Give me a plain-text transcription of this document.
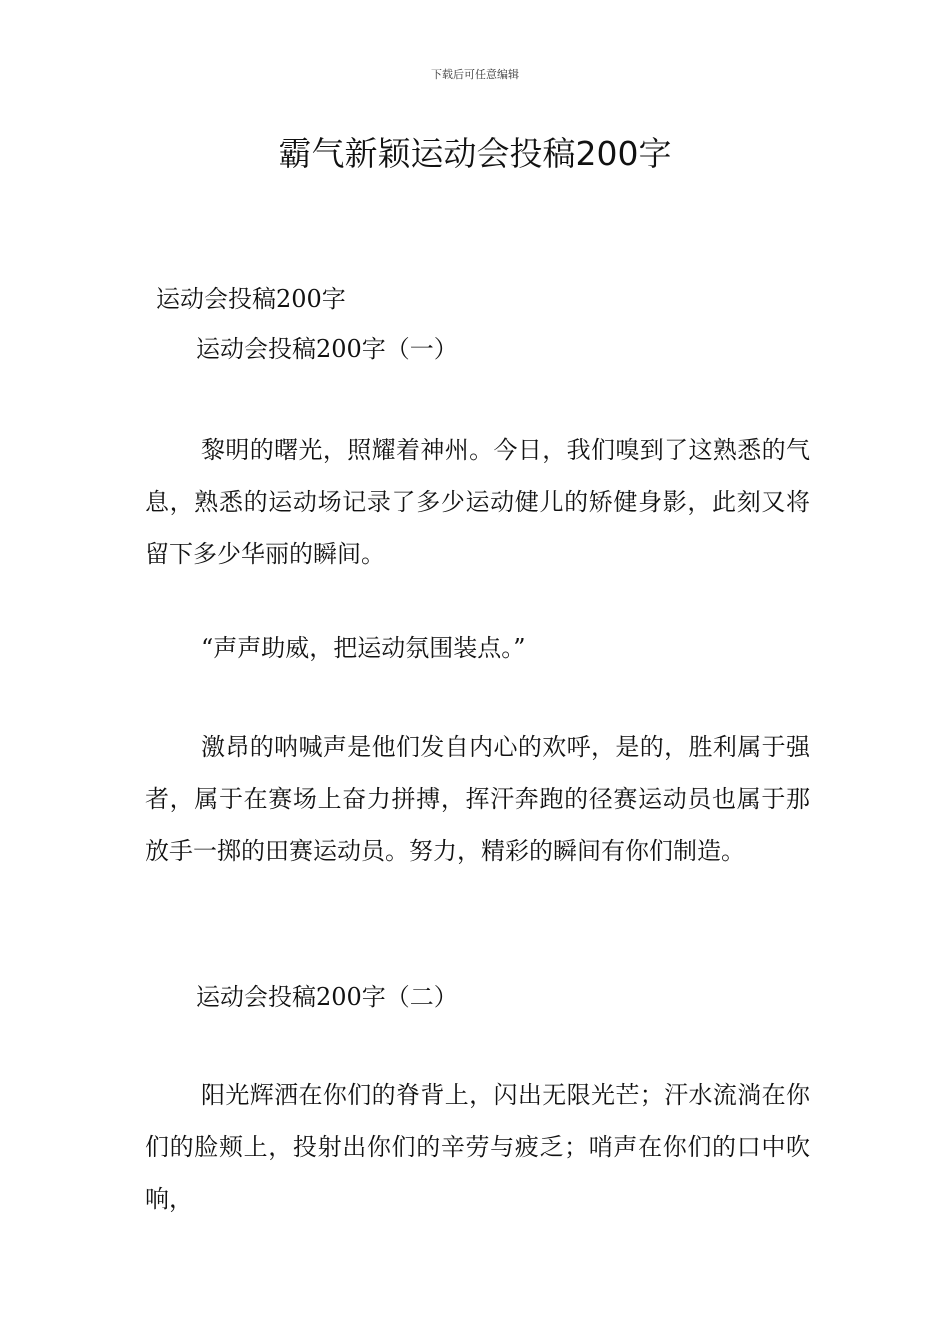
下载后可任意编辑
霸气新颖运动会投稿200字
运动会投稿200字
运动会投稿200字（一）

黎明的曙光，照耀着神州。今日，我们嗅到了这熟悉的气息，熟悉的运动场记录了多少运动健儿的矫健身影，此刻又将留下多少华丽的瞬间。

“声声助威，把运动氛围装点。”

激昂的呐喊声是他们发自内心的欢呼，是的，胜利属于强者，属于在赛场上奋力拼搏，挥汗奔跑的径赛运动员也属于那放手一掷的田赛运动员。努力，精彩的瞬间有你们制造。

运动会投稿200字（二）

阳光辉洒在你们的脊背上，闪出无限光芒；汗水流淌在你们的脸颊上，投射出你们的辛劳与疲乏；哨声在你们的口中吹响，
